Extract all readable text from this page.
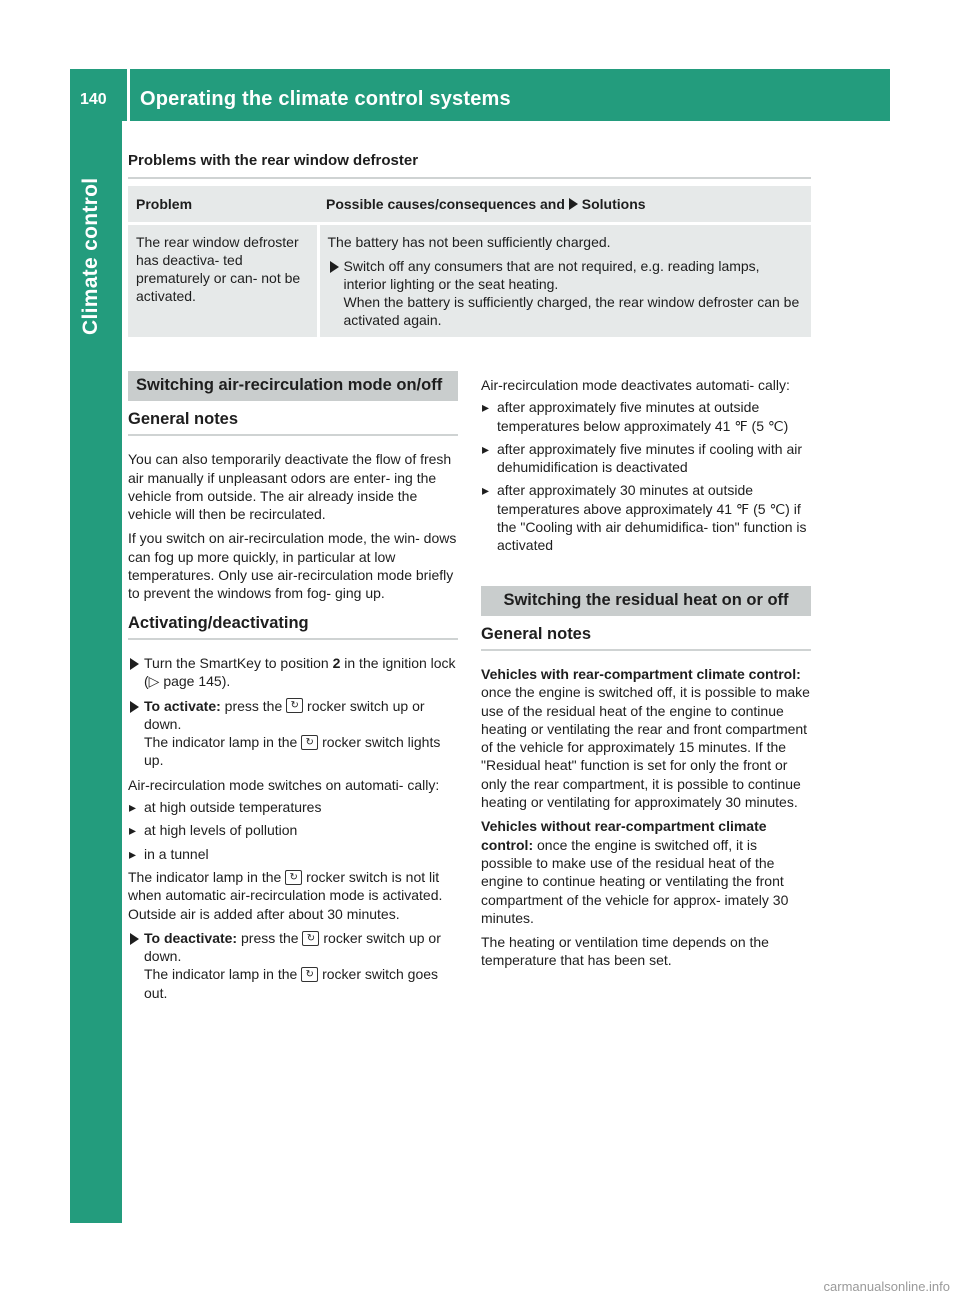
140	Operating the climate control systems
Climate control
Problems with the rear window defroster
Problem	Possible causes/consequences and Solutions
The rear window defroster has deactiva- ted prematurely or can- not be activated.	The battery has not been sufficiently charged.
Switch off any consumers that are not required, e.g. reading lamps, interior lighting or the seat heating.
When the battery is sufficiently charged, the rear window defroster can be activated again.
Switching air-recirculation mode on/off
General notes

You can also temporarily deactivate the flow of fresh air manually if unpleasant odors are enter- ing the vehicle from outside. The air already inside the vehicle will then be recirculated.

If you switch on air-recirculation mode, the win- dows can fog up more quickly, in particular at low temperatures. Only use air-recirculation mode briefly to prevent the windows from fog- ging up.

Activating/deactivating

Turn the SmartKey to position 2 in the ignition lock (▷ page 145).

To activate: press the ↻ rocker switch up or down.
The indicator lamp in the ↻ rocker switch lights up.

Air-recirculation mode switches on automati- cally:

▸ at high outside temperatures
▸ at high levels of pollution
▸ in a tunnel

The indicator lamp in the ↻ rocker switch is not lit when automatic air-recirculation mode is activated. Outside air is added after about 30 minutes.

To deactivate: press the ↻ rocker switch up or down.
The indicator lamp in the ↻ rocker switch goes out.

Air-recirculation mode deactivates automati- cally:

▸ after approximately five minutes at outside temperatures below approximately 41 ℉ (5 ℃)
▸ after approximately five minutes if cooling with air dehumidification is deactivated
▸ after approximately 30 minutes at outside temperatures above approximately 41 ℉ (5 ℃) if the "Cooling with air dehumidifica- tion" function is activated
Switching the residual heat on or off
General notes

Vehicles with rear-compartment climate control: once the engine is switched off, it is possible to make use of the residual heat of the engine to continue heating or ventilating the rear and front compartment of the vehicle for approximately 15 minutes. If the "Residual heat" function is set for only the front or only the rear compartment, it is possible to continue heating or ventilating for approximately 30 minutes.

Vehicles without rear-compartment climate control: once the engine is switched off, it is possible to make use of the residual heat of the engine to continue heating or ventilating the front compartment of the vehicle for approx- imately 30 minutes.

The heating or ventilation time depends on the temperature that has been set.

carmanualsonline.info
